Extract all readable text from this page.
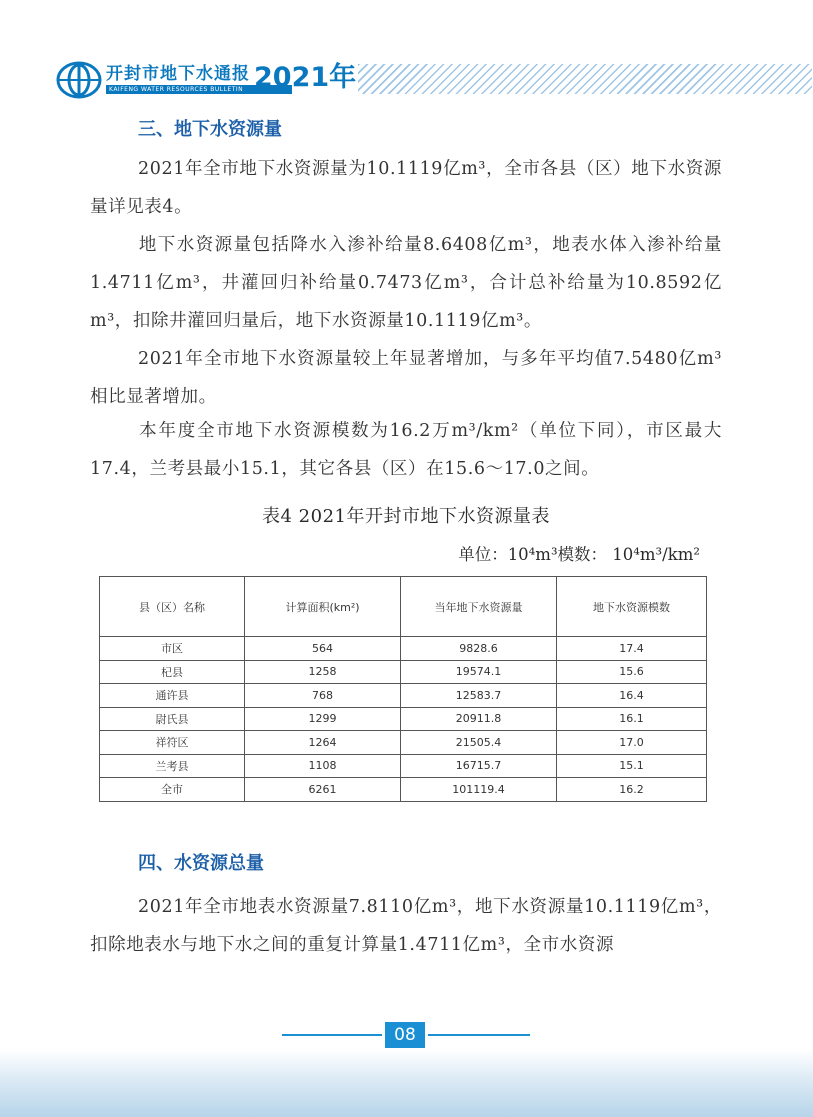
开封市地下水通报
KAIFENG WATER RESOURCES BULLETIN 2021年
三、地下水资源量
2021年全市地下水资源量为10.1119亿m³，全市各县（区）地下水资源量详见表4。
地下水资源量包括降水入渗补给量8.6408亿m³，地表水体入渗补给量1.4711亿m³，井灌回归补给量0.7473亿m³，合计总补给量为10.8592亿m³，扣除井灌回归量后，地下水资源量10.1119亿m³。
2021年全市地下水资源量较上年显著增加，与多年平均值7.5480亿m³相比显著增加。
本年度全市地下水资源模数为16.2万m³/km²（单位下同），市区最大17.4，兰考县最小15.1，其它各县（区）在15.6～17.0之间。
表4 2021年开封市地下水资源量表
单位：10⁴m³模数： 10⁴m³/km²
县（区）名称	计算面积(km²)	当年地下水资源量	地下水资源模数
市区	564	9828.6	17.4
杞县	1258	19574.1	15.6
通许县	768	12583.7	16.4
尉氏县	1299	20911.8	16.1
祥符区	1264	21505.4	17.0
兰考县	1108	16715.7	15.1
全市	6261	101119.4	16.2
四、水资源总量
2021年全市地表水资源量7.8110亿m³，地下水资源量10.1119亿m³，扣除地表水与地下水之间的重复计算量1.4711亿m³，全市水资源
08
